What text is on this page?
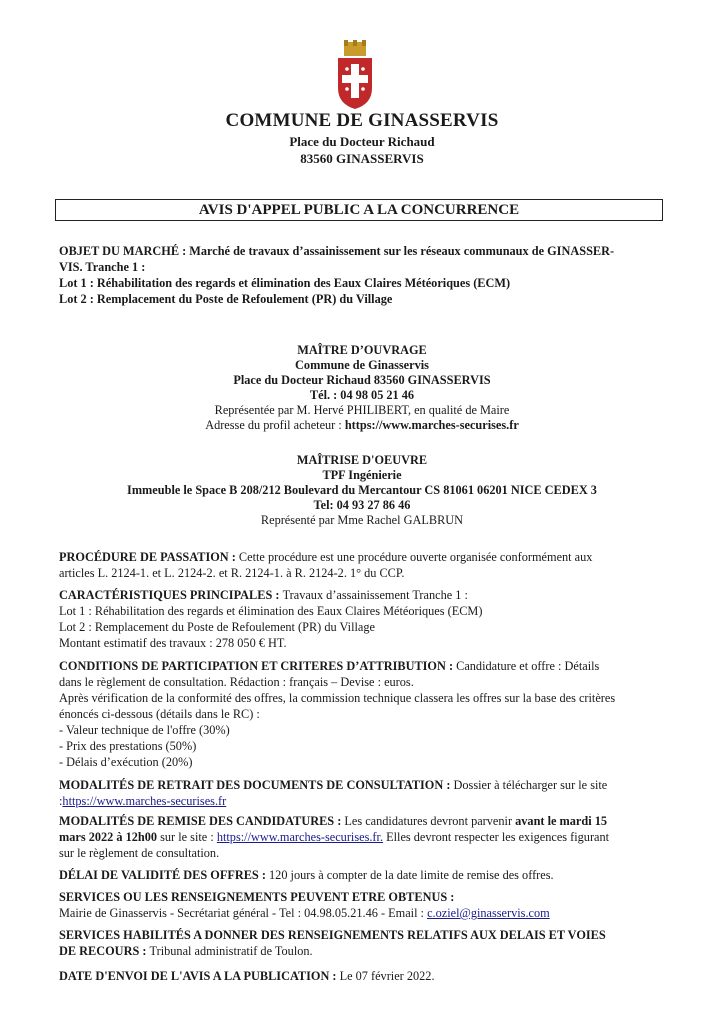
COMMUNE DE GINASSERVIS
Place du Docteur Richaud
83560 GINASSERVIS
AVIS D'APPEL PUBLIC A LA CONCURRENCE
OBJET DU MARCHÉ : Marché de travaux d’assainissement sur les réseaux communaux de GINASSER-
VIS. Tranche 1 :
Lot 1 : Réhabilitation des regards et élimination des Eaux Claires Météoriques (ECM)
Lot 2 : Remplacement du Poste de Refoulement (PR) du Village
MAÎTRE D’OUVRAGE
Commune de Ginasservis
Place du Docteur Richaud 83560 GINASSERVIS
Tél. : 04 98 05 21 46
Représentée par M. Hervé PHILIBERT, en qualité de Maire
Adresse du profil acheteur : https://www.marches-securises.fr
MAÎTRISE D'OEUVRE
TPF Ingénierie
Immeuble le Space B 208/212 Boulevard du Mercantour CS 81061 06201 NICE CEDEX 3
Tel: 04 93 27 86 46
Représenté par Mme Rachel GALBRUN
PROCÉDURE DE PASSATION : Cette procédure est une procédure ouverte organisée conformément aux
articles L. 2124-1. et L. 2124-2. et R. 2124-1. à R. 2124-2. 1° du CCP.
CARACTÉRISTIQUES PRINCIPALES : Travaux d’assainissement Tranche 1 :
Lot 1 : Réhabilitation des regards et élimination des Eaux Claires Météoriques (ECM)
Lot 2 : Remplacement du Poste de Refoulement (PR) du Village
Montant estimatif des travaux : 278 050 € HT.
CONDITIONS DE PARTICIPATION ET CRITERES D’ATTRIBUTION : Candidature et offre : Détails
dans le règlement de consultation. Rédaction : français – Devise : euros.
Après vérification de la conformité des offres, la commission technique classera les offres sur la base des critères
énoncés ci-dessous (détails dans le RC) :
- Valeur technique de l'offre (30%)
- Prix des prestations (50%)
- Délais d’exécution (20%)
MODALITÉS DE RETRAIT DES DOCUMENTS DE CONSULTATION : Dossier à télécharger sur le site
:https://www.marches-securises.fr
MODALITÉS DE REMISE DES CANDIDATURES : Les candidatures devront parvenir avant le mardi 15
mars 2022 à 12h00 sur le site : https://www.marches-securises.fr. Elles devront respecter les exigences figurant
sur le règlement de consultation.
DÉLAI DE VALIDITÉ DES OFFRES : 120 jours à compter de la date limite de remise des offres.
SERVICES OU LES RENSEIGNEMENTS PEUVENT ETRE OBTENUS :
Mairie de Ginasservis - Secrétariat général - Tel : 04.98.05.21.46 - Email : c.oziel@ginasservis.com
SERVICES HABILITÉS A DONNER DES RENSEIGNEMENTS RELATIFS AUX DELAIS ET VOIES
DE RECOURS : Tribunal administratif de Toulon.
DATE D'ENVOI DE L'AVIS A LA PUBLICATION : Le 07 février 2022.
